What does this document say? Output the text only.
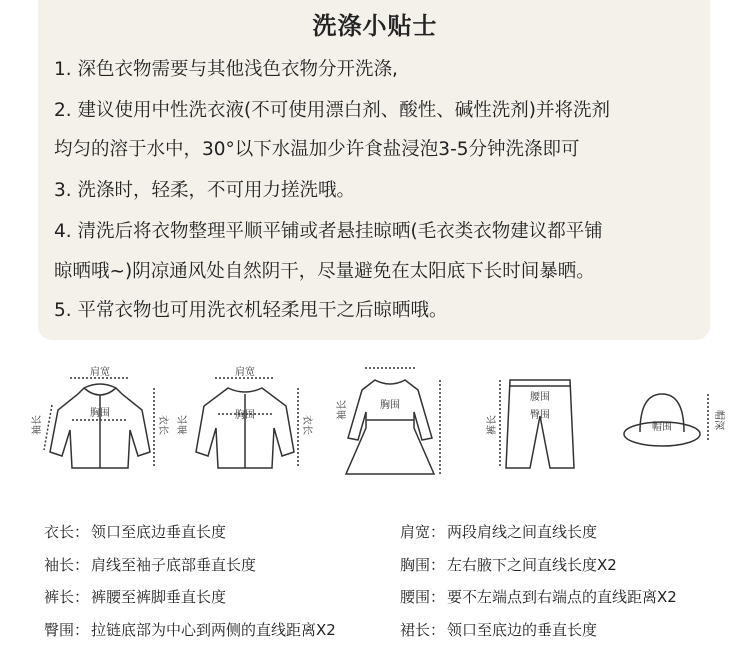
洗涤小贴士
1. 深色衣物需要与其他浅色衣物分开洗涤,
2. 建议使用中性洗衣液(不可使用漂白剂、酸性、碱性洗剂)并将洗剂
均匀的溶于水中，30°以下水温加少许食盐浸泡3-5分钟洗涤即可
3. 洗涤时，轻柔，不可用力搓洗哦。
4. 清洗后将衣物整理平顺平铺或者悬挂晾晒(毛衣类衣物建议都平铺
晾晒哦~)阴凉通风处自然阴干，尽量避免在太阳底下长时间暴晒。
5. 平常衣物也可用洗衣机轻柔甩干之后晾晒哦。
肩宽
胸围
袖长	衣长
肩宽
胸围
袖长	衣长
胸围
袖长
腰围
臀围
裤长	帽围	帽深
衣长： 领口至底边垂直长度
袖长： 肩线至袖子底部垂直长度
裤长： 裤腰至裤脚垂直长度
臀围： 拉链底部为中心到两侧的直线距离X2
肩宽： 两段肩线之间直线长度
胸围： 左右腋下之间直线长度X2
腰围： 要不左端点到右端点的直线距离X2
裙长： 领口至底边的垂直长度
